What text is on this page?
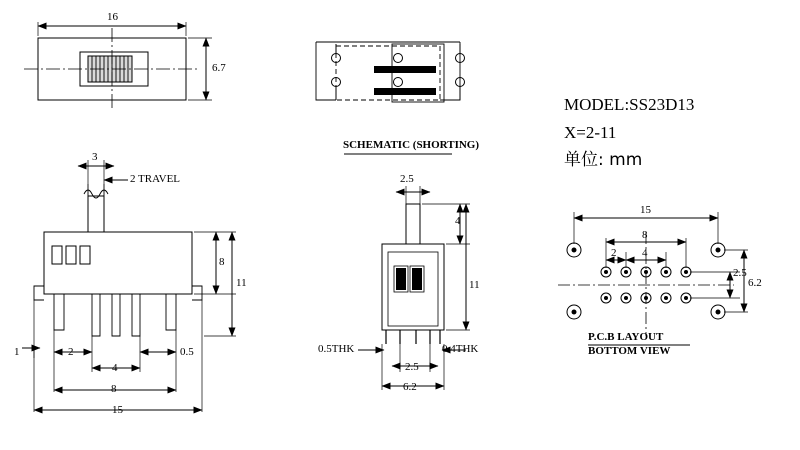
16
6.7
SCHEMATIC (SHORTING)
MODEL:SS23D13
X=2-11
单位: mm
3
2 TRAVEL
8
11
1	2	0.5
4
8
15
2.5
4
11
0.5THK	0.4THK
2.5
6.2
15
8
2 4
2.5
6.2
P.C.B LAYOUT
BOTTOM VIEW
